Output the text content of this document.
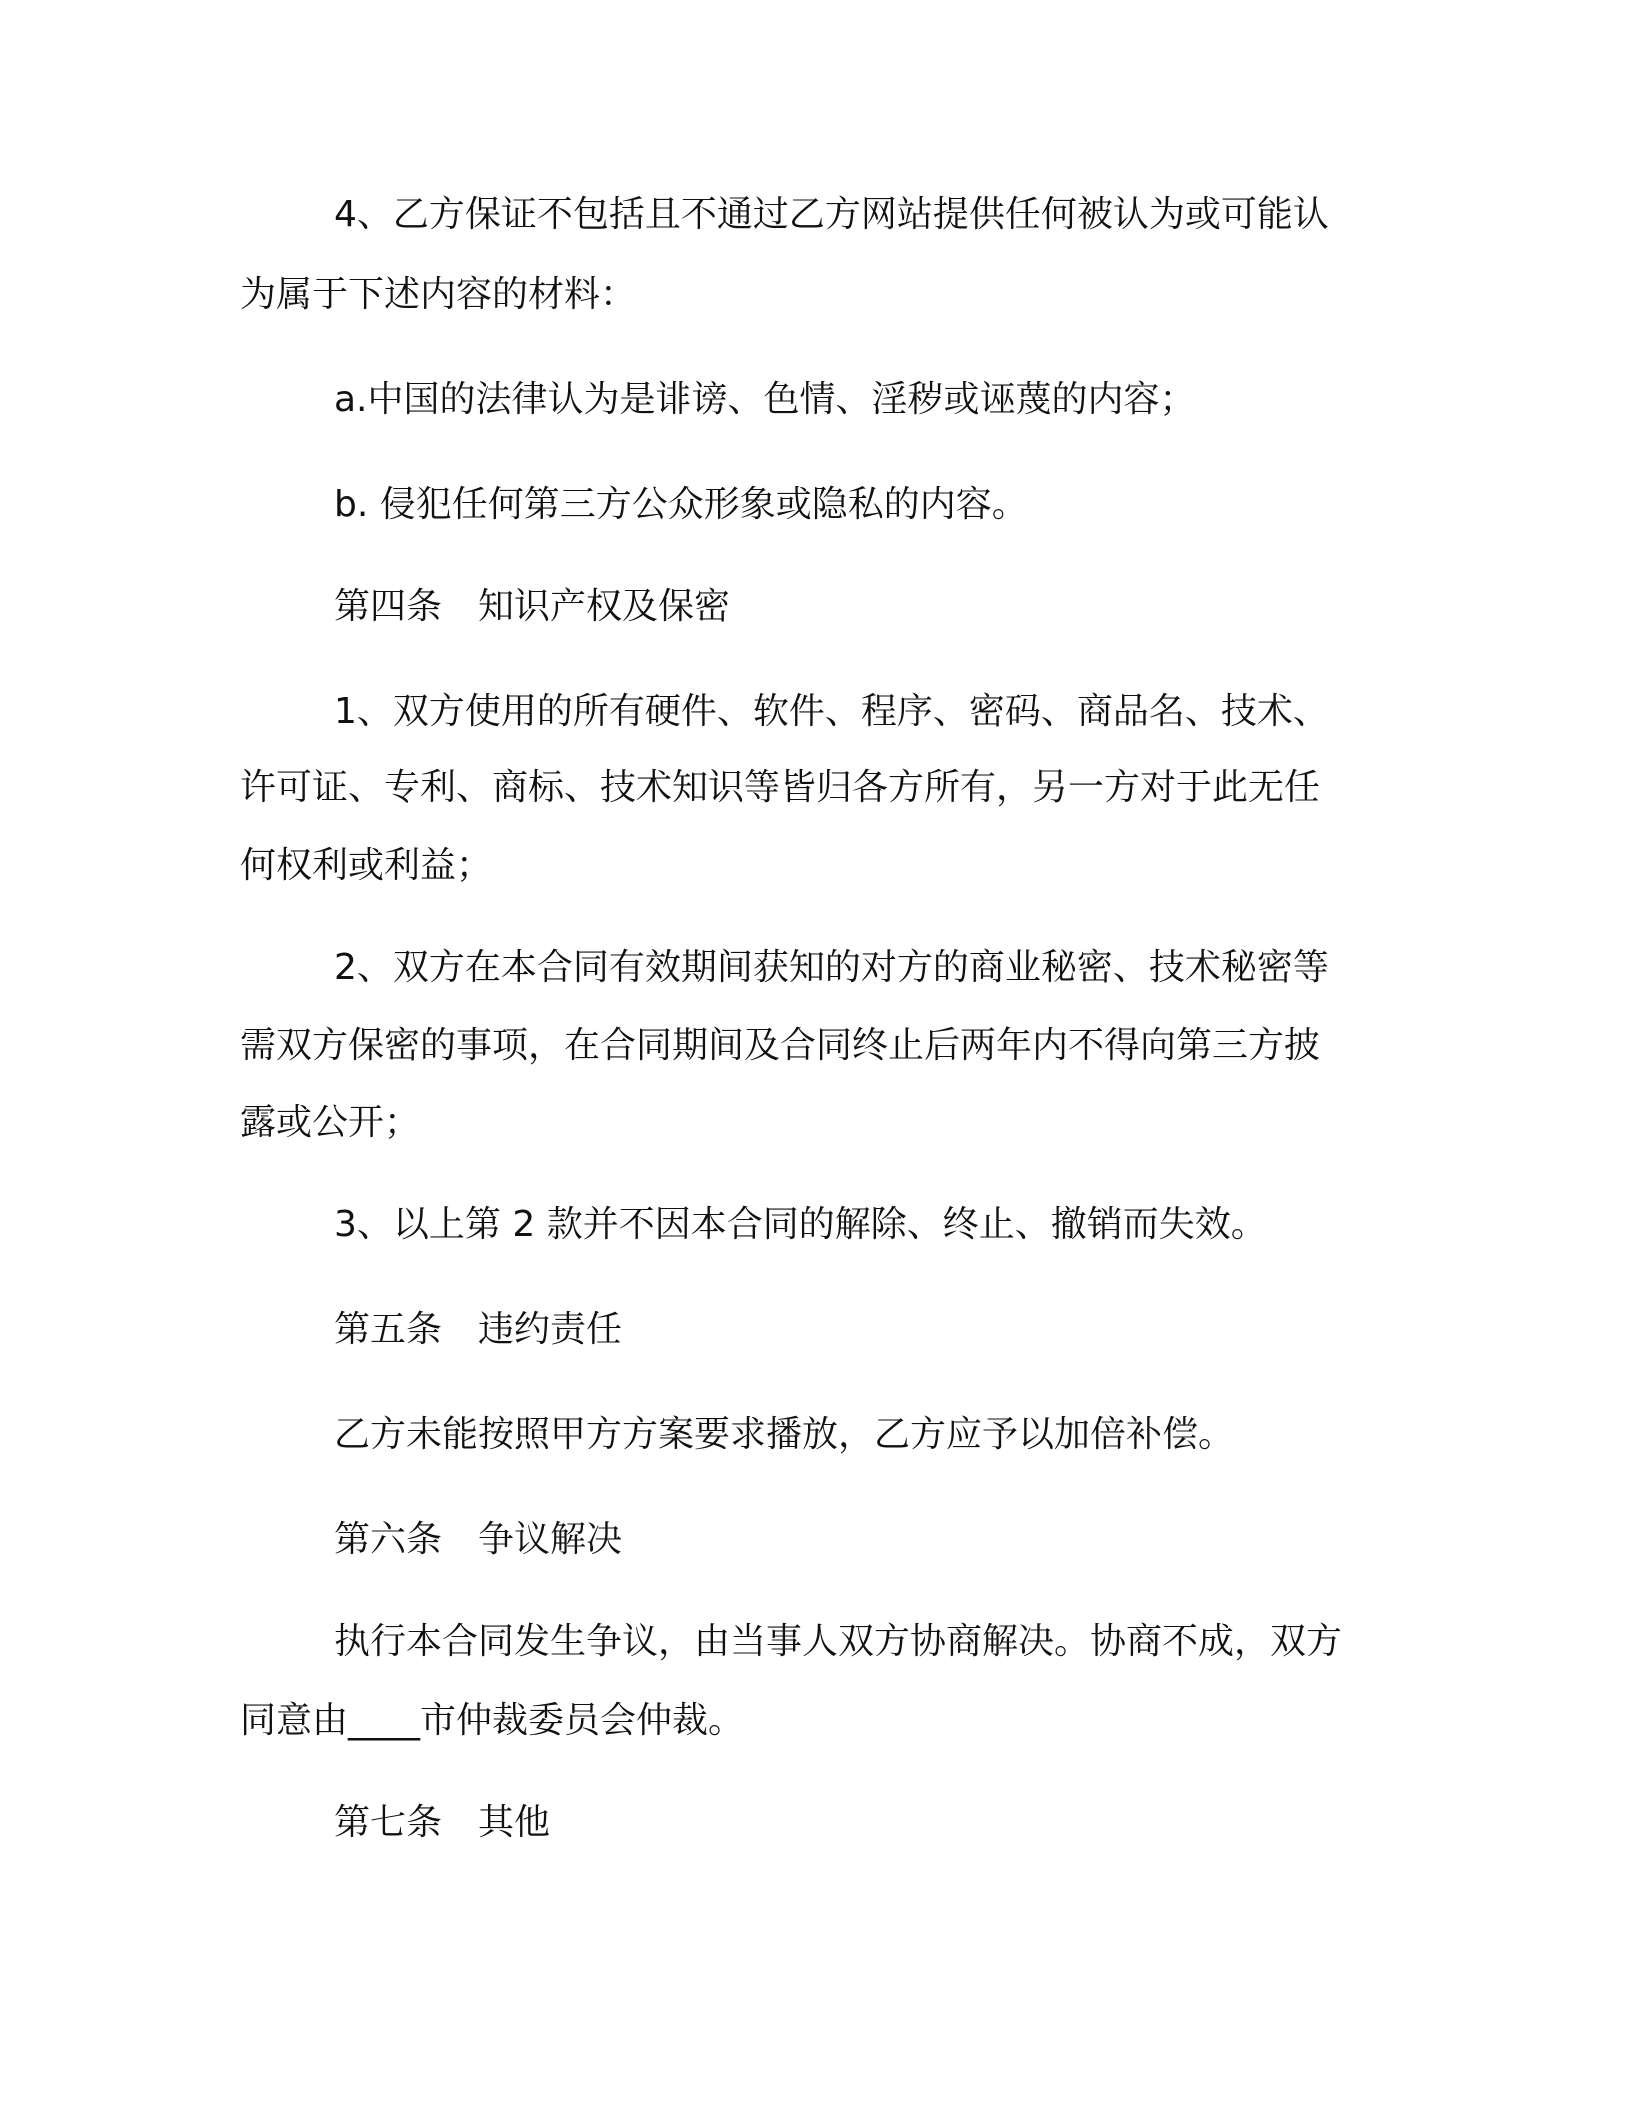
4、乙方保证不包括且不通过乙方网站提供任何被认为或可能认
为属于下述内容的材料：
a.中国的法律认为是诽谤、色情、淫秽或诬蔑的内容；
b. 侵犯任何第三方公众形象或隐私的内容。
第四条　知识产权及保密
1、双方使用的所有硬件、软件、程序、密码、商品名、技术、
许可证、专利、商标、技术知识等皆归各方所有，另一方对于此无任
何权利或利益；
2、双方在本合同有效期间获知的对方的商业秘密、技术秘密等
需双方保密的事项，在合同期间及合同终止后两年内不得向第三方披
露或公开；
3、以上第 2 款并不因本合同的解除、终止、撤销而失效。
第五条　违约责任
乙方未能按照甲方方案要求播放，乙方应予以加倍补偿。
第六条　争议解决
执行本合同发生争议，由当事人双方协商解决。协商不成，双方
同意由____市仲裁委员会仲裁。
第七条　其他
